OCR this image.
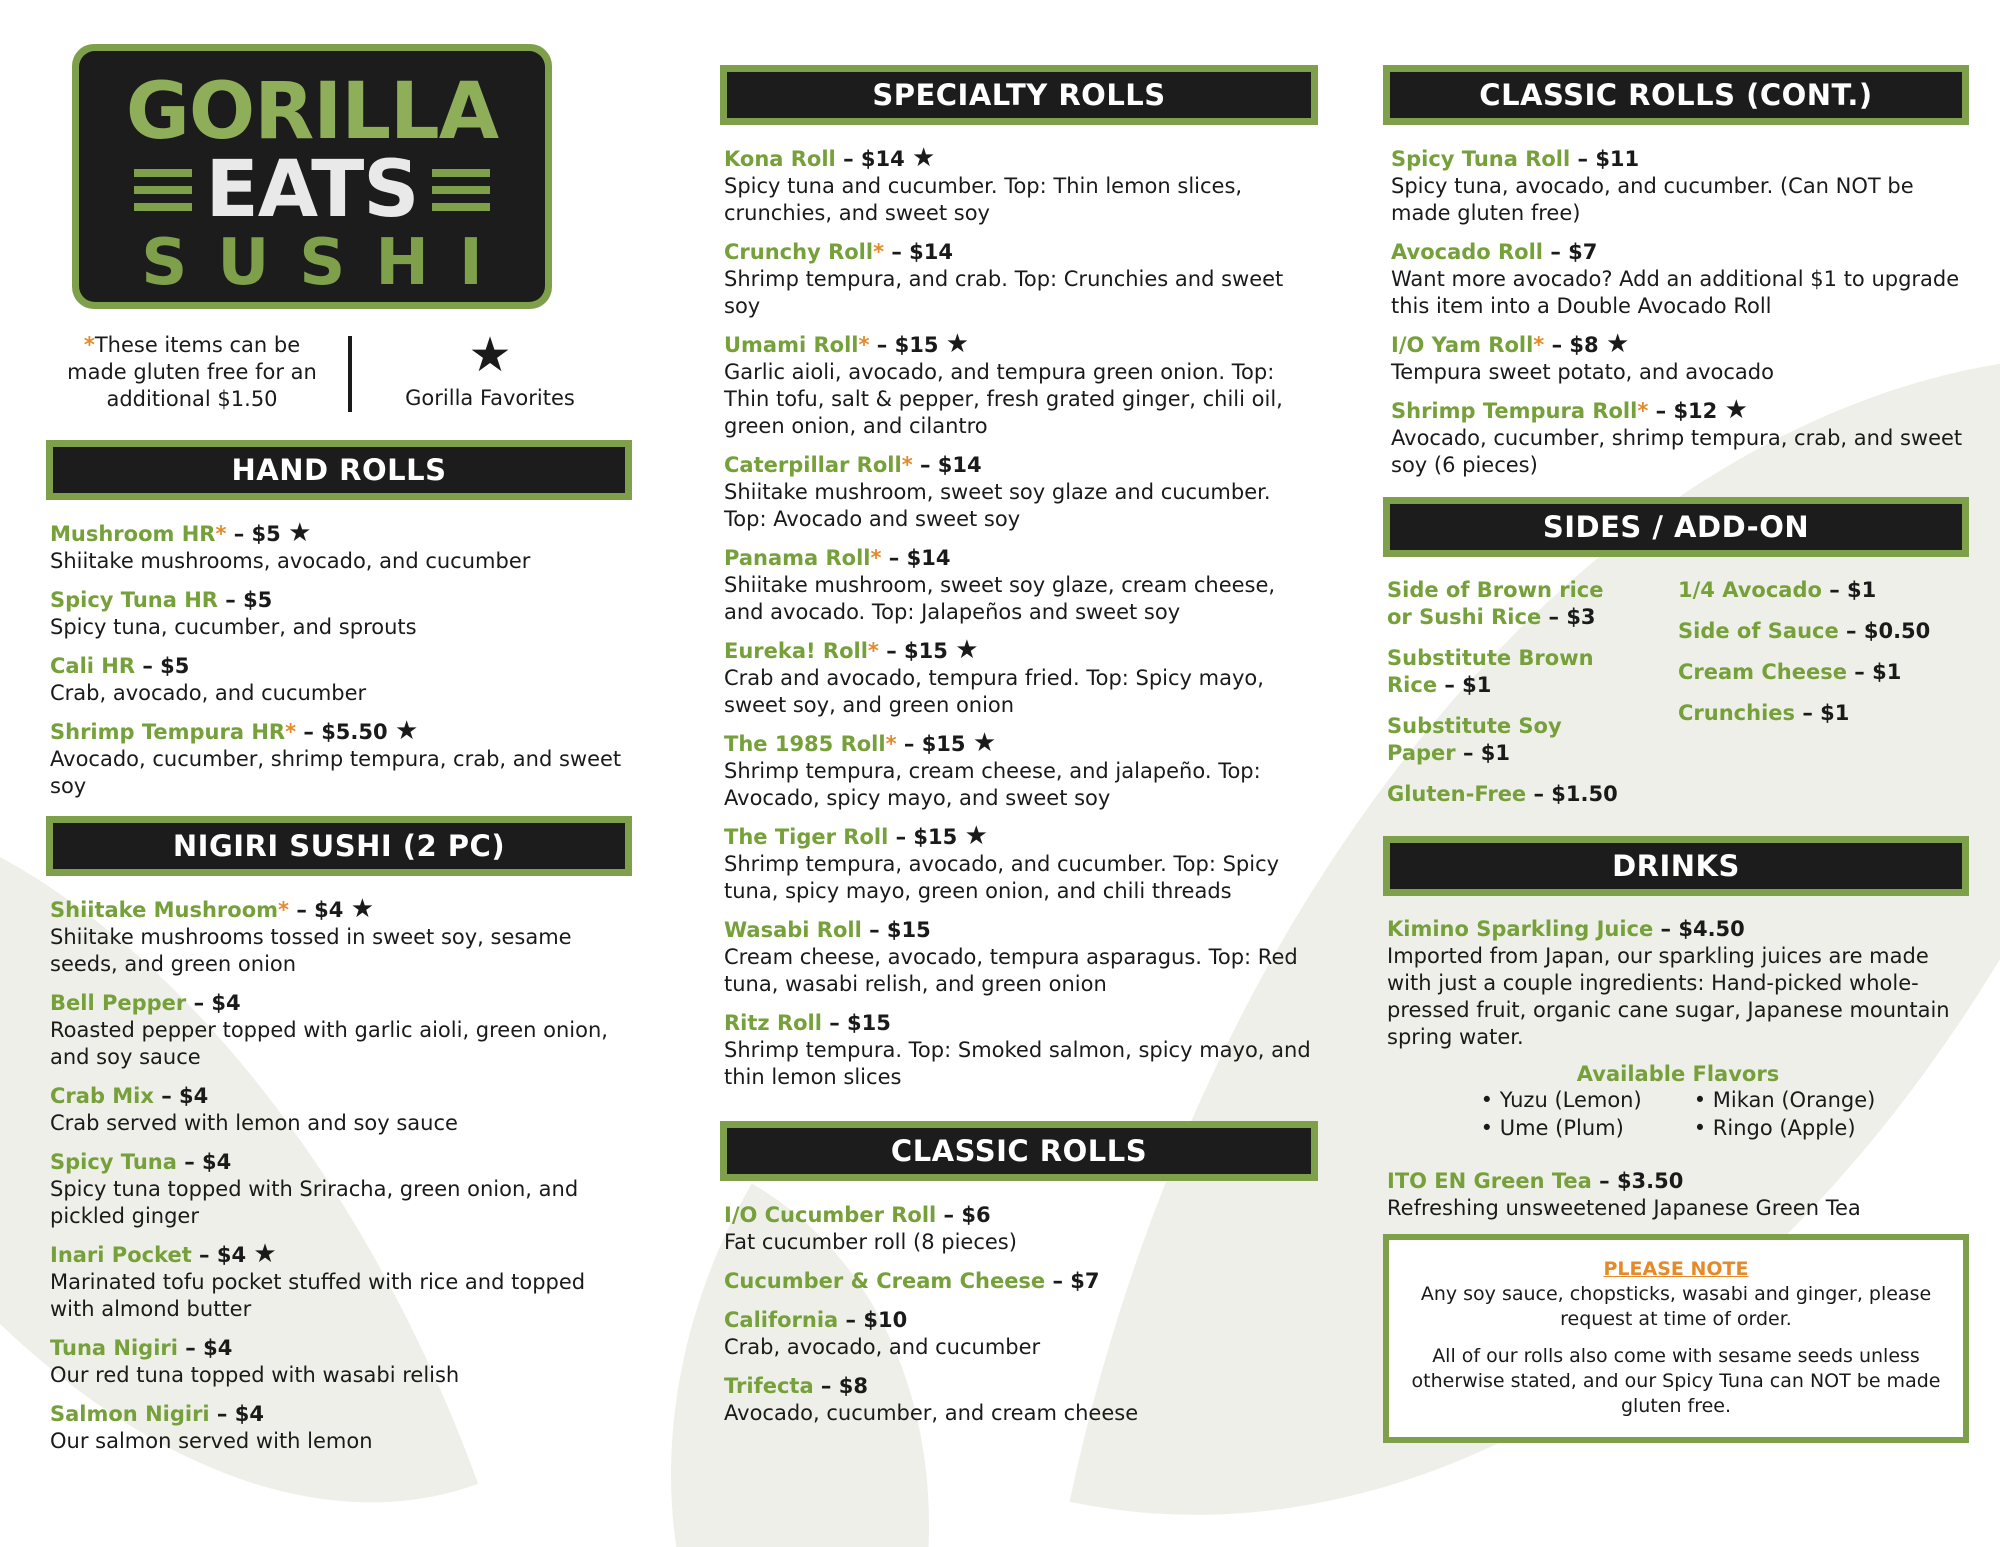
GORILLA
EATS
SUSHI
*These items can be made gluten free for an additional $1.50
★
Gorilla Favorites
HAND ROLLS
Mushroom HR* – $5 ★
Shiitake mushrooms, avocado, and cucumber
Spicy Tuna HR – $5
Spicy tuna, cucumber, and sprouts
Cali HR – $5
Crab, avocado, and cucumber
Shrimp Tempura HR* – $5.50 ★
Avocado, cucumber, shrimp tempura, crab, and sweet soy
NIGIRI SUSHI (2 PC)
Shiitake Mushroom* – $4 ★
Shiitake mushrooms tossed in sweet soy, sesame seeds, and green onion
Bell Pepper – $4
Roasted pepper topped with garlic aioli, green onion, and soy sauce
Crab Mix – $4
Crab served with lemon and soy sauce
Spicy Tuna – $4
Spicy tuna topped with Sriracha, green onion, and pickled ginger
Inari Pocket – $4 ★
Marinated tofu pocket stuffed with rice and topped with almond butter
Tuna Nigiri – $4
Our red tuna topped with wasabi relish
Salmon Nigiri – $4
Our salmon served with lemon
SPECIALTY ROLLS
Kona Roll – $14 ★
Spicy tuna and cucumber. Top: Thin lemon slices, crunchies, and sweet soy
Crunchy Roll* – $14
Shrimp tempura, and crab. Top: Crunchies and sweet soy
Umami Roll* – $15 ★
Garlic aioli, avocado, and tempura green onion. Top: Thin tofu, salt & pepper, fresh grated ginger, chili oil, green onion, and cilantro
Caterpillar Roll* – $14
Shiitake mushroom, sweet soy glaze and cucumber. Top: Avocado and sweet soy
Panama Roll* – $14
Shiitake mushroom, sweet soy glaze, cream cheese, and avocado. Top: Jalapeños and sweet soy
Eureka! Roll* – $15 ★
Crab and avocado, tempura fried. Top: Spicy mayo, sweet soy, and green onion
The 1985 Roll* – $15 ★
Shrimp tempura, cream cheese, and jalapeño. Top: Avocado, spicy mayo, and sweet soy
The Tiger Roll – $15 ★
Shrimp tempura, avocado, and cucumber. Top: Spicy tuna, spicy mayo, green onion, and chili threads
Wasabi Roll – $15
Cream cheese, avocado, tempura asparagus. Top: Red tuna, wasabi relish, and green onion
Ritz Roll – $15
Shrimp tempura. Top: Smoked salmon, spicy mayo, and thin lemon slices
CLASSIC ROLLS
I/O Cucumber Roll – $6
Fat cucumber roll (8 pieces)
Cucumber & Cream Cheese – $7
California – $10
Crab, avocado, and cucumber
Trifecta – $8
Avocado, cucumber, and cream cheese
CLASSIC ROLLS (CONT.)
Spicy Tuna Roll – $11
Spicy tuna, avocado, and cucumber. (Can NOT be made gluten free)
Avocado Roll – $7
Want more avocado? Add an additional $1 to upgrade this item into a Double Avocado Roll
I/O Yam Roll* – $8 ★
Tempura sweet potato, and avocado
Shrimp Tempura Roll* – $12 ★
Avocado, cucumber, shrimp tempura, crab, and sweet soy (6 pieces)
SIDES / ADD-ON
Side of Brown rice or Sushi Rice – $3
Substitute Brown Rice – $1
Substitute Soy Paper – $1
Gluten-Free – $1.50
1/4 Avocado – $1
Side of Sauce – $0.50
Cream Cheese – $1
Crunchies – $1
DRINKS
Kimino Sparkling Juice – $4.50
Imported from Japan, our sparkling juices are made with just a couple ingredients: Hand-picked whole-pressed fruit, organic cane sugar, Japanese mountain spring water.
Available Flavors
• Yuzu (Lemon)
• Ume (Plum)
• Mikan (Orange)
• Ringo (Apple)
ITO EN Green Tea – $3.50
Refreshing unsweetened Japanese Green Tea
PLEASE NOTE
Any soy sauce, chopsticks, wasabi and ginger, please request at time of order.
All of our rolls also come with sesame seeds unless otherwise stated, and our Spicy Tuna can NOT be made gluten free.
